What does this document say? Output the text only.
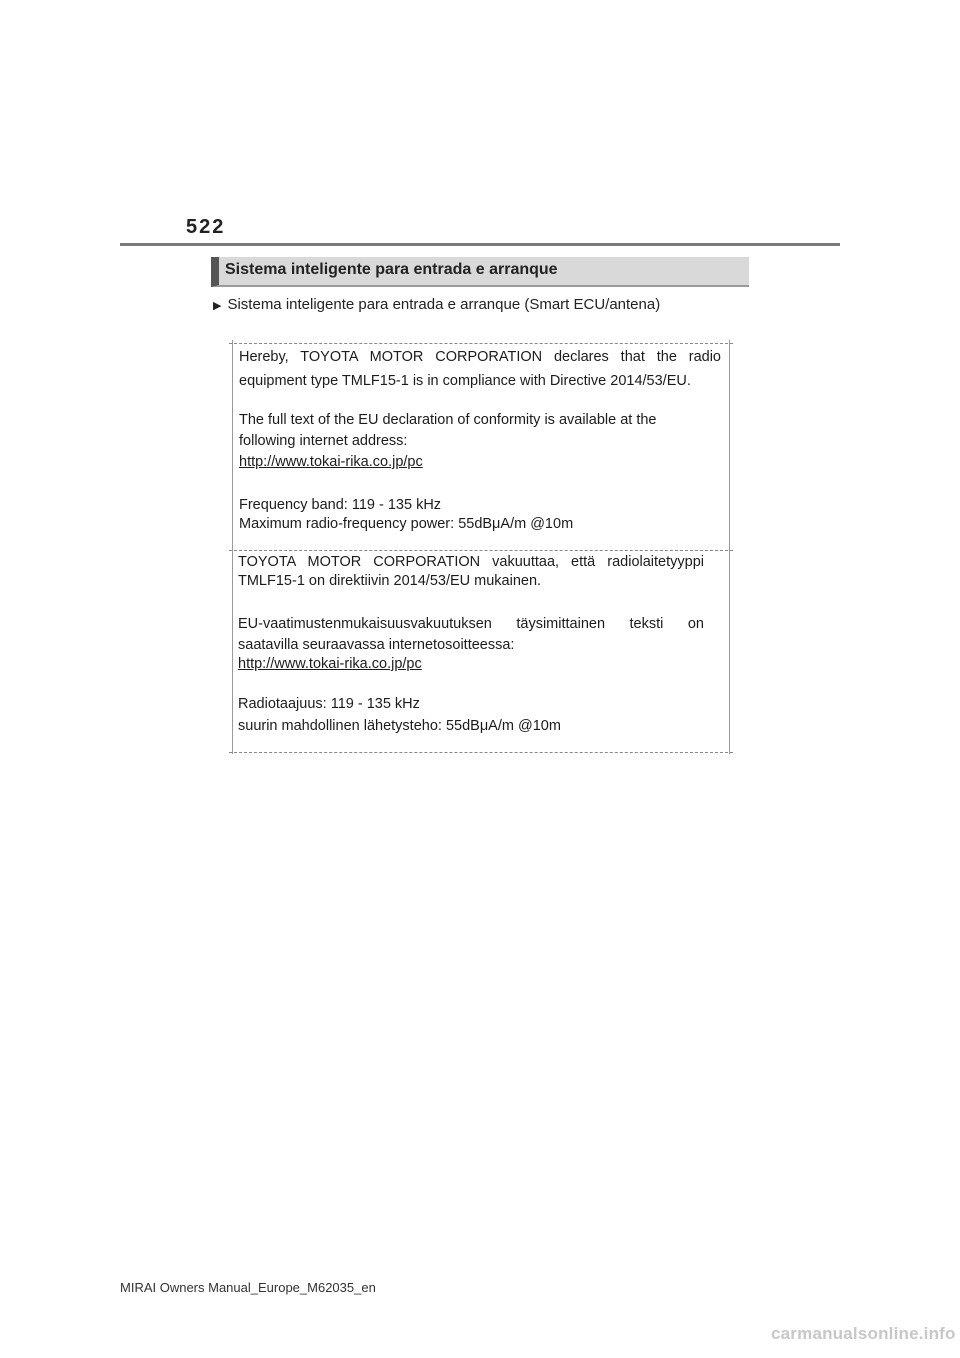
522
Sistema inteligente para entrada e arranque
▶ Sistema inteligente para entrada e arranque (Smart ECU/antena)
Hereby, TOYOTA MOTOR CORPORATION declares that the radio
equipment type TMLF15-1 is in compliance with Directive 2014/53/EU.
The full text of the EU declaration of conformity is available at the
following internet address:
http://www.tokai-rika.co.jp/pc
Frequency band: 119 - 135 kHz
Maximum radio-frequency power: 55dBμA/m @10m
TOYOTA MOTOR CORPORATION vakuuttaa, että radiolaitetyyppi
TMLF15-1 on direktiivin 2014/53/EU mukainen.
EU-vaatimustenmukaisuusvakuutuksen täysimittainen teksti on
saatavilla seuraavassa internetosoitteessa:
http://www.tokai-rika.co.jp/pc
Radiotaajuus: 119 - 135 kHz
suurin mahdollinen lähetysteho: 55dBμA/m @10m
MIRAI Owners Manual_Europe_M62035_en
carmanualsonline.info
